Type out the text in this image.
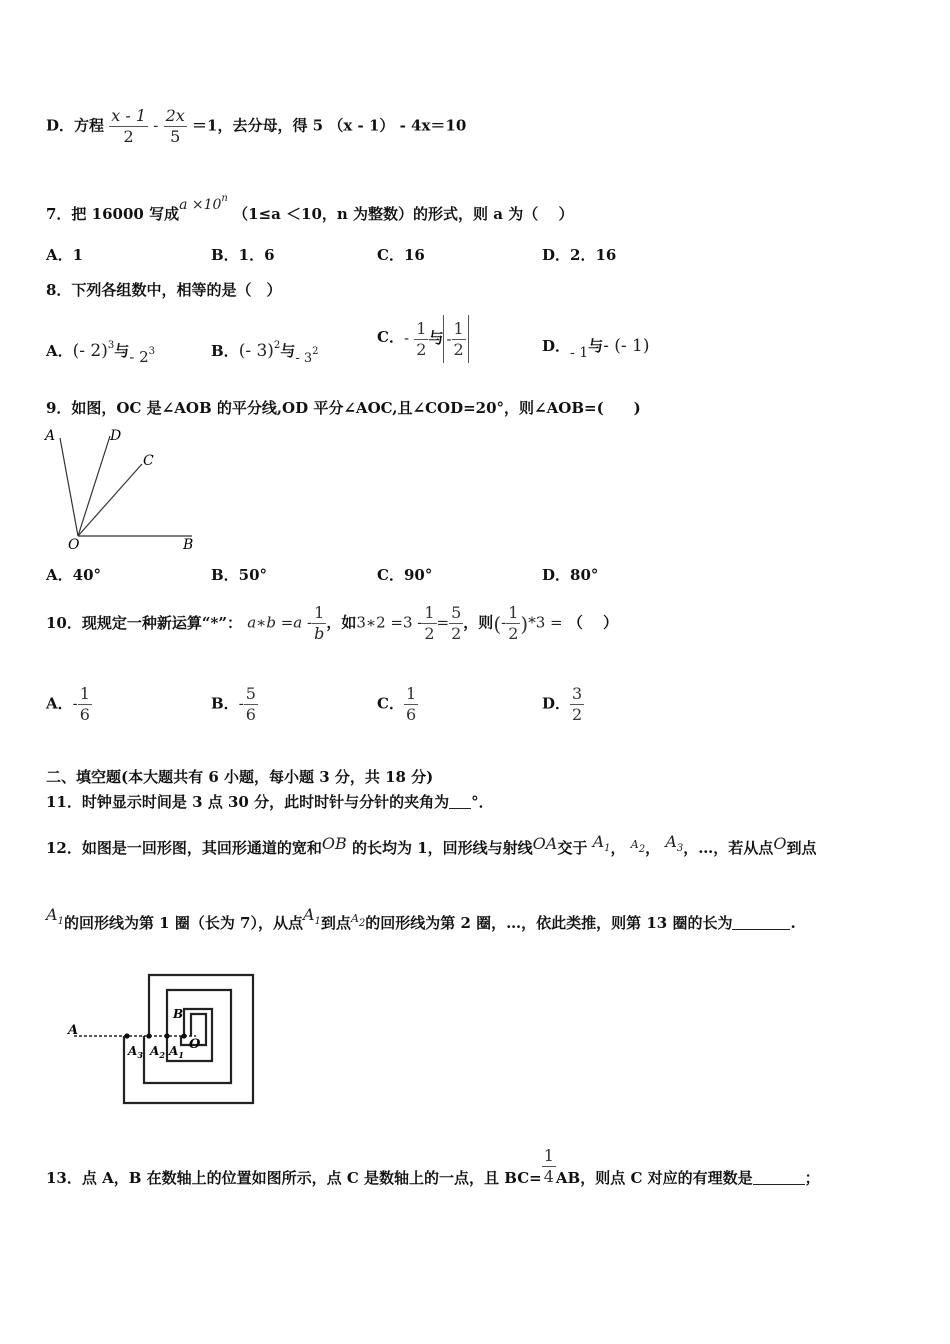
D．方程 $\frac{x - 1}{2} - \frac{2x}{5} =1$，去分母，得 5 （x - 1） - 4x＝10
7．把 16000 写成$a \times 10^n$ （1≤a ＜10，n 为整数）的形式，则 a 为（　 ）
A．1	B．1．6	C．16	D．2．16
8．下列各组数中，相等的是（　）
A．(- 2)$^3$与- $2^3$	B．(- 3)$^2$与- $3^2$
C．- $\frac{1}{2}$ 与 - $\frac{1}{2}$	D．- 1与- (- 1)
9．如图，OC 是∠AOB 的平分线,OD 平分∠AOC,且∠COD=20°，则∠AOB=(　　)
A	D
C
O	B
A．40°	B．50°	C．90°	D．80°
10．现规定一种新运算“*”： a∗b $=a - \frac{1}{b}$ ，如3∗2 $=3 - \frac{1}{2} = \frac{5}{2}$ ，则(- $\frac{1}{2} )*3$ = （　 ）
A．- $\frac{1}{6}$	B．- $\frac{5}{6}$	C． $\frac{1}{6}$	D． $\frac{3}{2}$
二、填空题(本大题共有 6 小题，每小题 3 分，共 18 分)
11．时钟显示时间是 3 点 30 分，此时时针与分针的夹角为 °．
12．如图是一回形图，其回形通道的宽和OB 的长均为 1，回形线与射线OA交于 $A_1$， $^{A2}$， $A_3$，…，若从点O到点
$A_1$的回形线为第 1 圈（长为 7），从点$A_1$到点$^{A2}$的回形线为第 2 圈，…，依此类推，则第 13 圈的长为	.
A
B
$A_3$ $A_2$ $A_1$
O
13．点 A，B 在数轴上的位置如图所示，点 C 是数轴上的一点，且 $BC= \frac{1}{4}$ AB，则点 C 对应的有理数是	；
